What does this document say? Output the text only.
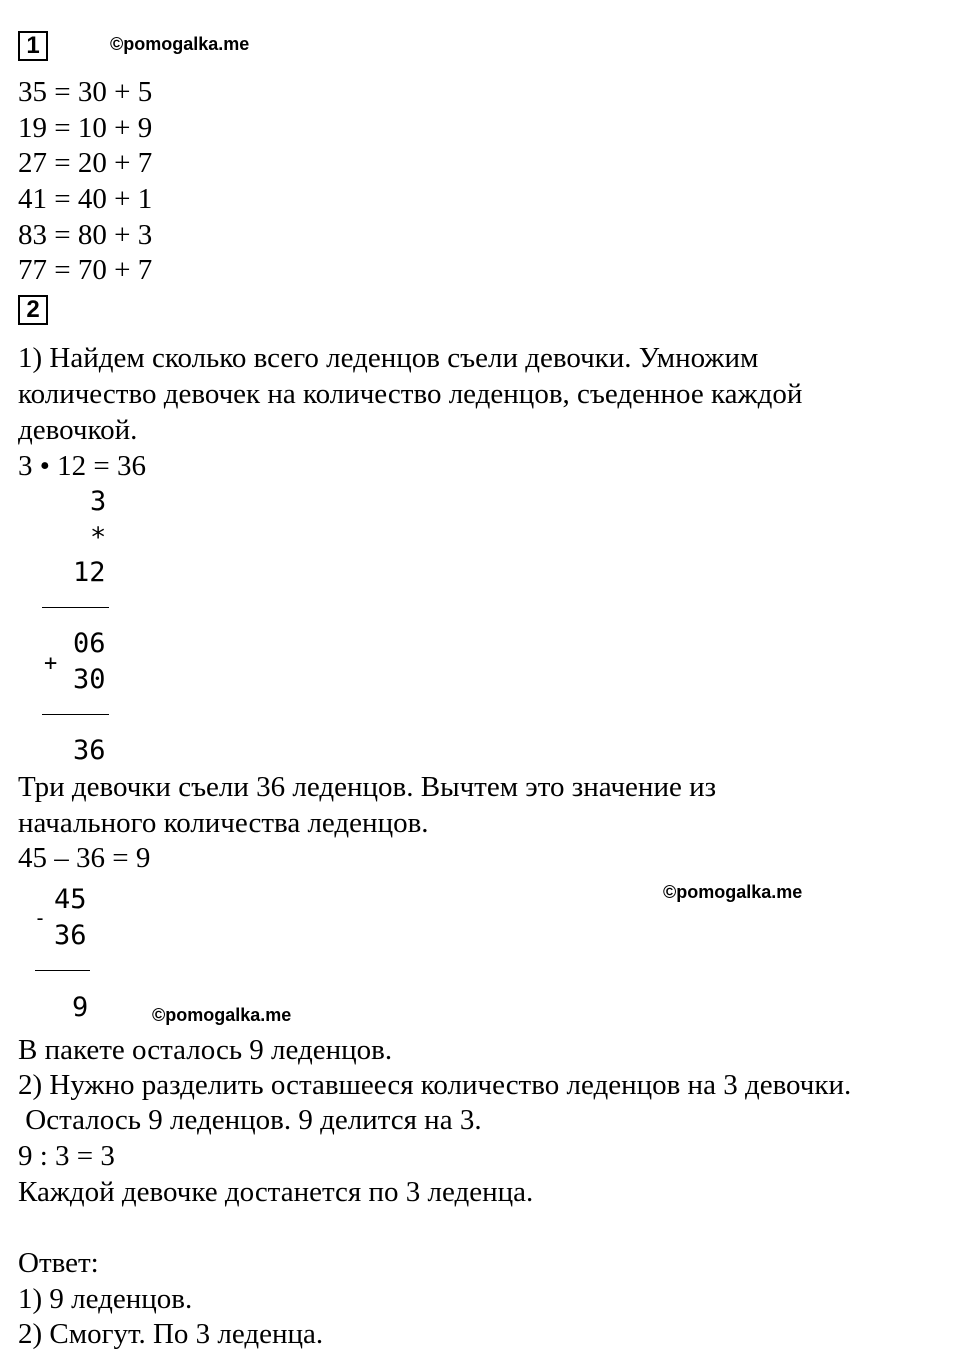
1	©pomogalka.me
35 = 30 + 5
19 = 10 + 9
27 = 20 + 7
41 = 40 + 1
83 = 80 + 3
77 = 70 + 7
2
1) Найдем сколько всего леденцов съели девочки. Умножим
количество девочек на количество леденцов, съеденное каждой
девочкой.
3 • 12 = 36
3
*
12
+
06
30
36
Три девочки съели 36 леденцов. Вычтем это значение из
начального количества леденцов.
45 – 36 = 9
-
45
36
9
©pomogalka.me
©pomogalka.me
В пакете осталось 9 леденцов.
2) Нужно разделить оставшееся количество леденцов на 3 девочки.
Осталось 9 леденцов. 9 делится на 3.
9 : 3 = 3
Каждой девочке достанется по 3 леденца.
Ответ:
1) 9 леденцов.
2) Смогут. По 3 леденца.
